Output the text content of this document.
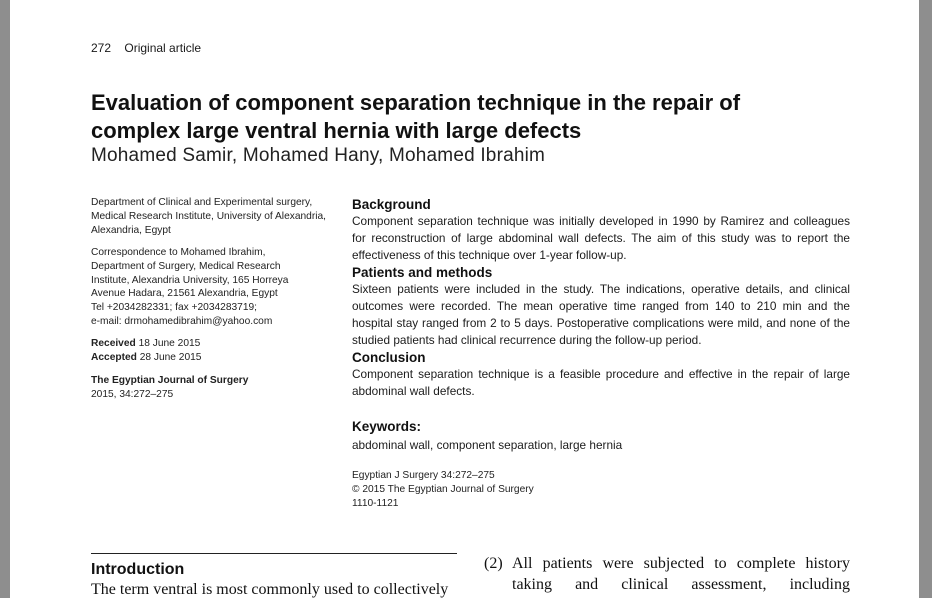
272 Original article
Evaluation of component separation technique in the repair of complex large ventral hernia with large defects
Mohamed Samir, Mohamed Hany, Mohamed Ibrahim
Department of Clinical and Experimental surgery, Medical Research Institute, University of Alexandria, Alexandria, Egypt
Correspondence to Mohamed Ibrahim,
Department of Surgery, Medical Research
Institute, Alexandria University, 165 Horreya
Avenue Hadara, 21561 Alexandria, Egypt
Tel +2034282331; fax +2034283719;
e-mail: drmohamedibrahim@yahoo.com
Received 18 June 2015
Accepted 28 June 2015
The Egyptian Journal of Surgery
2015, 34:272–275
Background
Component separation technique was initially developed in 1990 by Ramirez and colleagues for reconstruction of large abdominal wall defects. The aim of this study was to report the effectiveness of this technique over 1-year follow-up.
Patients and methods
Sixteen patients were included in the study. The indications, operative details, and clinical outcomes were recorded. The mean operative time ranged from 140 to 210 min and the hospital stay ranged from 2 to 5 days. Postoperative complications were mild, and none of the studied patients had clinical recurrence during the follow-up period.
Conclusion
Component separation technique is a feasible procedure and effective in the repair of large abdominal wall defects.
Keywords:
abdominal wall, component separation, large hernia
Egyptian J Surgery 34:272–275
© 2015 The Egyptian Journal of Surgery
1110-1121
Introduction
The term ventral is most commonly used to collectively
(2) All patients were subjected to complete history
taking and clinical assessment, including
